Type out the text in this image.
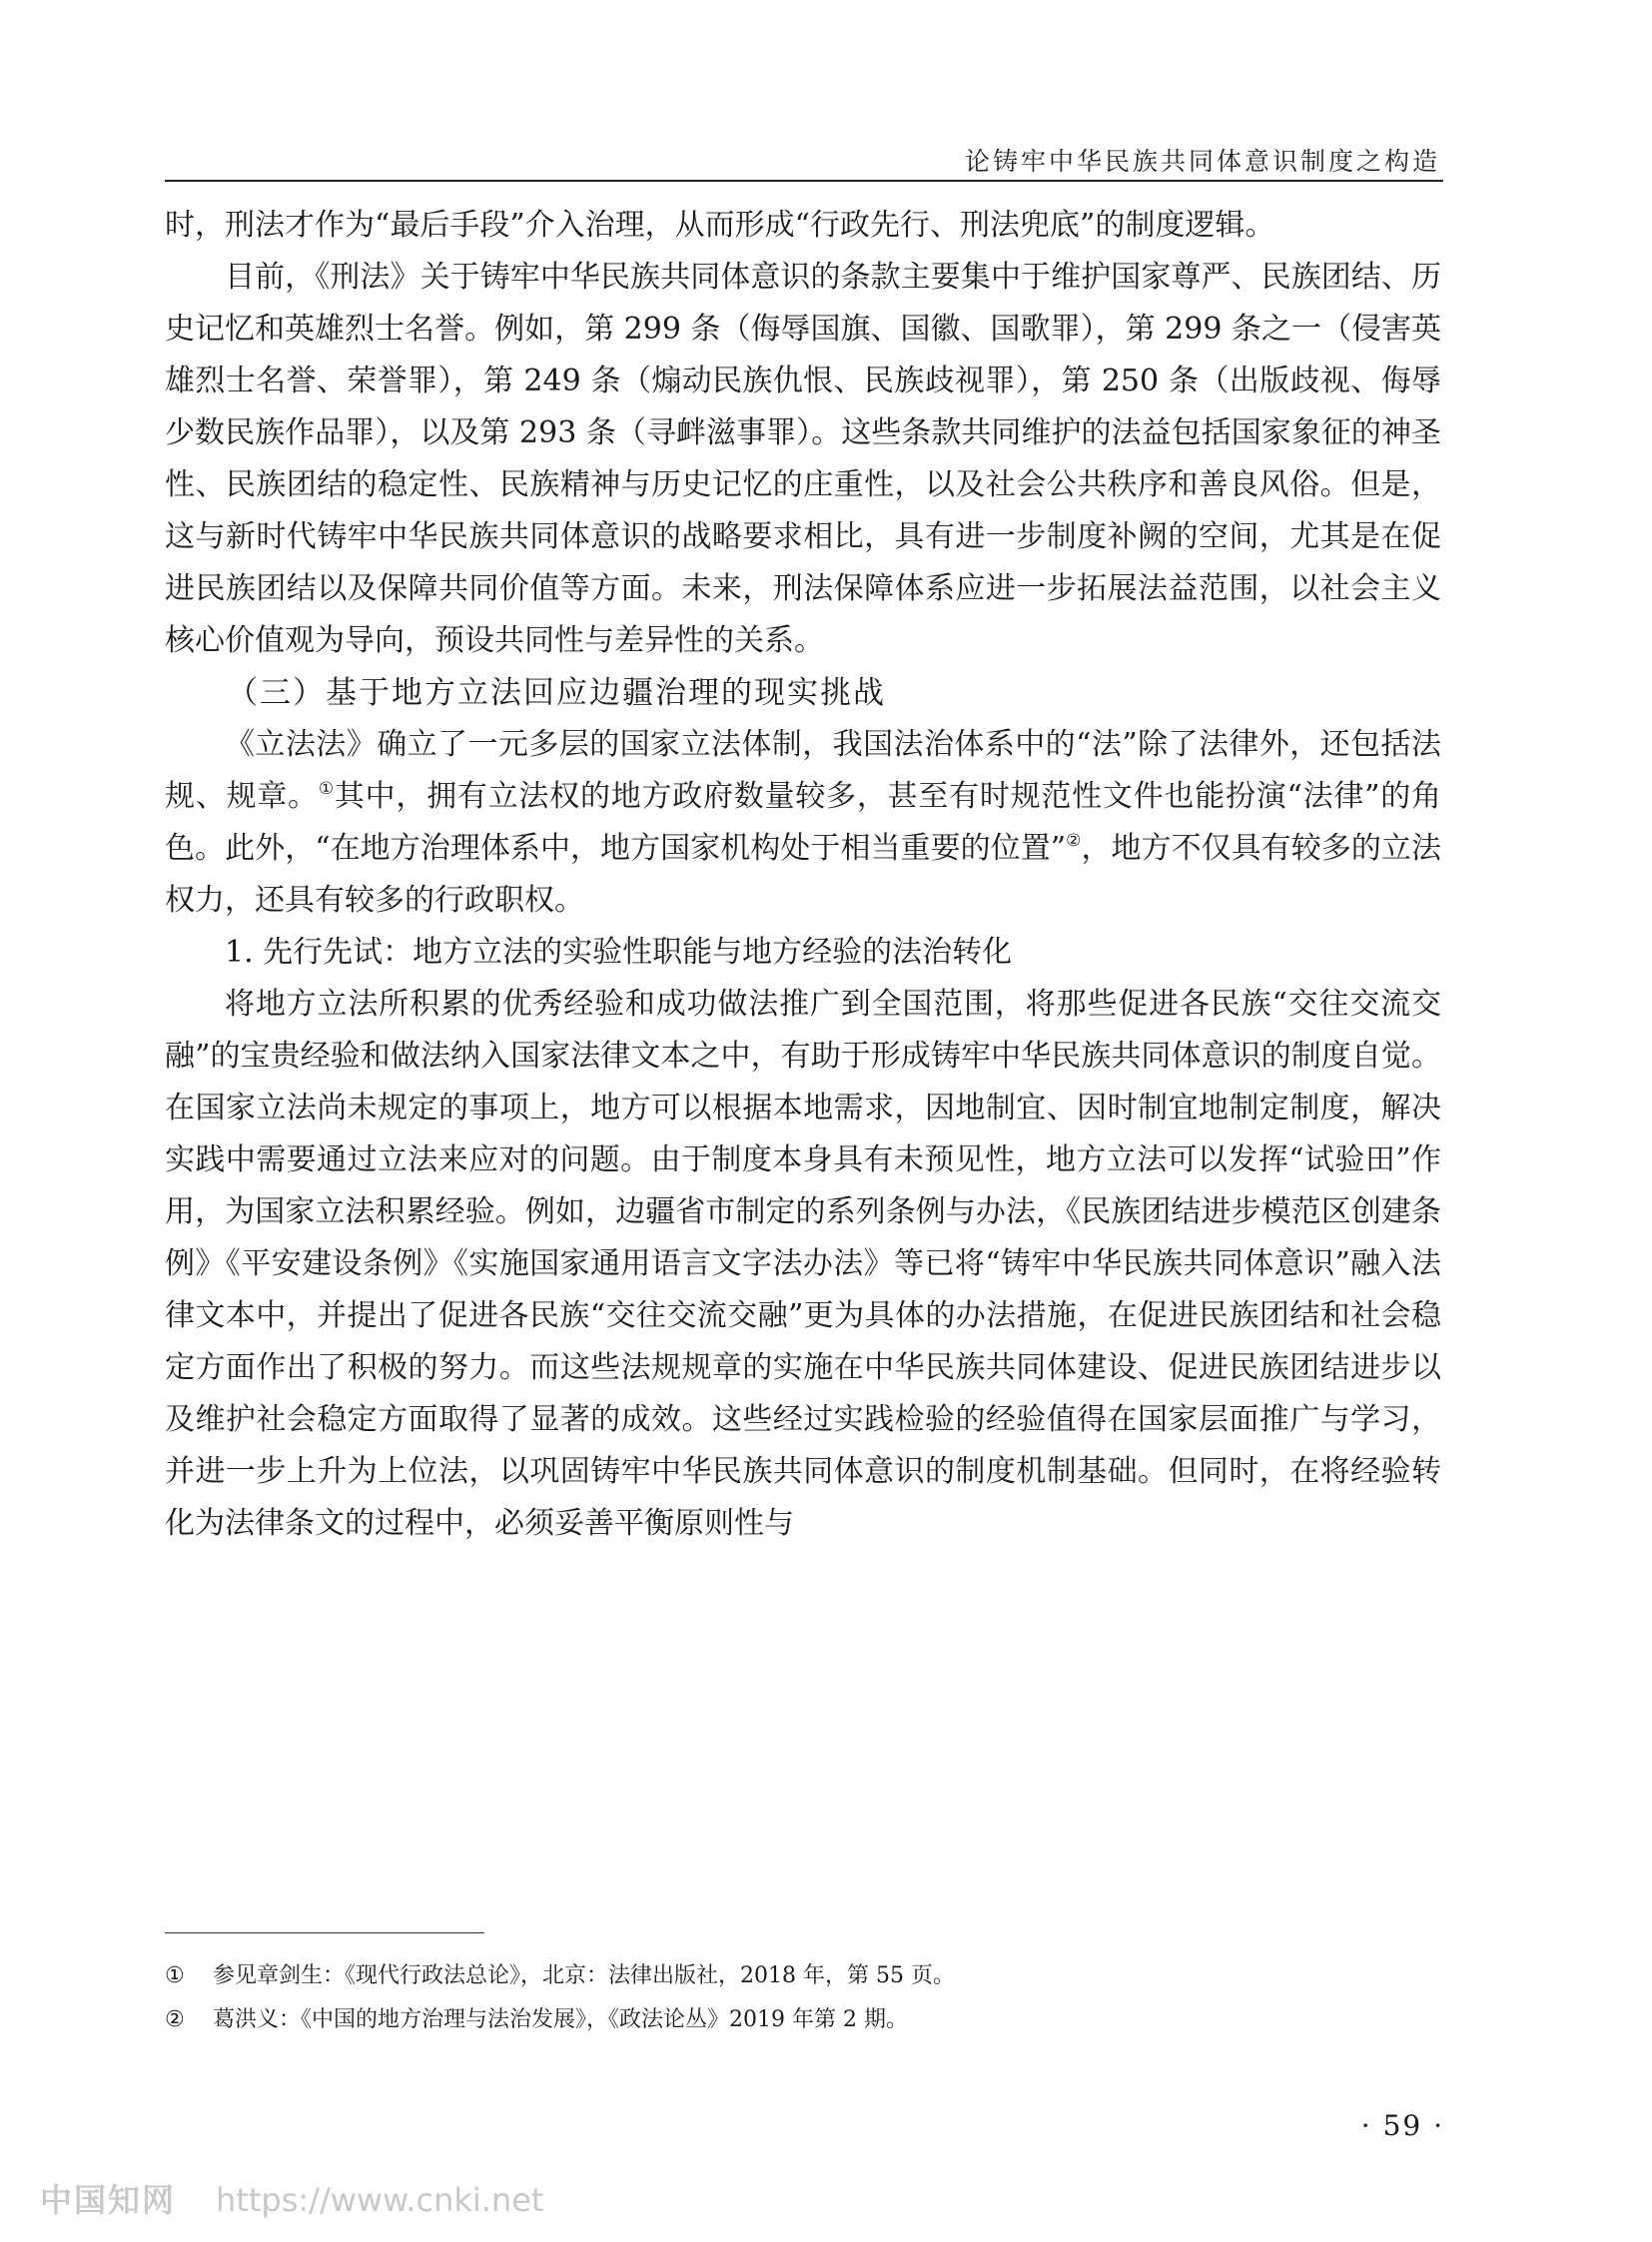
论铸牢中华民族共同体意识制度之构造

时，刑法才作为“最后手段”介入治理，从而形成“行政先行、刑法兜底”的制度逻辑。

目前，《刑法》关于铸牢中华民族共同体意识的条款主要集中于维护国家尊严、民族团结、历史记忆和英雄烈士名誉。例如，第 299 条（侮辱国旗、国徽、国歌罪），第 299 条之一（侵害英雄烈士名誉、荣誉罪），第 249 条（煽动民族仇恨、民族歧视罪），第 250 条（出版歧视、侮辱少数民族作品罪），以及第 293 条（寻衅滋事罪）。这些条款共同维护的法益包括国家象征的神圣性、民族团结的稳定性、民族精神与历史记忆的庄重性，以及社会公共秩序和善良风俗。但是，这与新时代铸牢中华民族共同体意识的战略要求相比，具有进一步制度补阙的空间，尤其是在促进民族团结以及保障共同价值等方面。未来，刑法保障体系应进一步拓展法益范围，以社会主义核心价值观为导向，预设共同性与差异性的关系。

（三）基于地方立法回应边疆治理的现实挑战

《立法法》确立了一元多层的国家立法体制，我国法治体系中的“法”除了法律外，还包括法规、规章。①其中，拥有立法权的地方政府数量较多，甚至有时规范性文件也能扮演“法律”的角色。此外，“在地方治理体系中，地方国家机构处于相当重要的位置”②，地方不仅具有较多的立法权力，还具有较多的行政职权。

1. 先行先试：地方立法的实验性职能与地方经验的法治转化

将地方立法所积累的优秀经验和成功做法推广到全国范围，将那些促进各民族“交往交流交融”的宝贵经验和做法纳入国家法律文本之中，有助于形成铸牢中华民族共同体意识的制度自觉。在国家立法尚未规定的事项上，地方可以根据本地需求，因地制宜、因时制宜地制定制度，解决实践中需要通过立法来应对的问题。由于制度本身具有未预见性，地方立法可以发挥“试验田”作用，为国家立法积累经验。例如，边疆省市制定的系列条例与办法，《民族团结进步模范区创建条例》《平安建设条例》《实施国家通用语言文字法办法》等已将“铸牢中华民族共同体意识”融入法律文本中，并提出了促进各民族“交往交流交融”更为具体的办法措施，在促进民族团结和社会稳定方面作出了积极的努力。而这些法规规章的实施在中华民族共同体建设、促进民族团结进步以及维护社会稳定方面取得了显著的成效。这些经过实践检验的经验值得在国家层面推广与学习，并进一步上升为上位法，以巩固铸牢中华民族共同体意识的制度机制基础。但同时，在将经验转化为法律条文的过程中，必须妥善平衡原则性与

①	参见章剑生：《现代行政法总论》，北京：法律出版社，2018 年，第 55 页。
②	葛洪义：《中国的地方治理与法治发展》，《政法论丛》2019 年第 2 期。
· 59 ·
中国知网 https://www.cnki.net
